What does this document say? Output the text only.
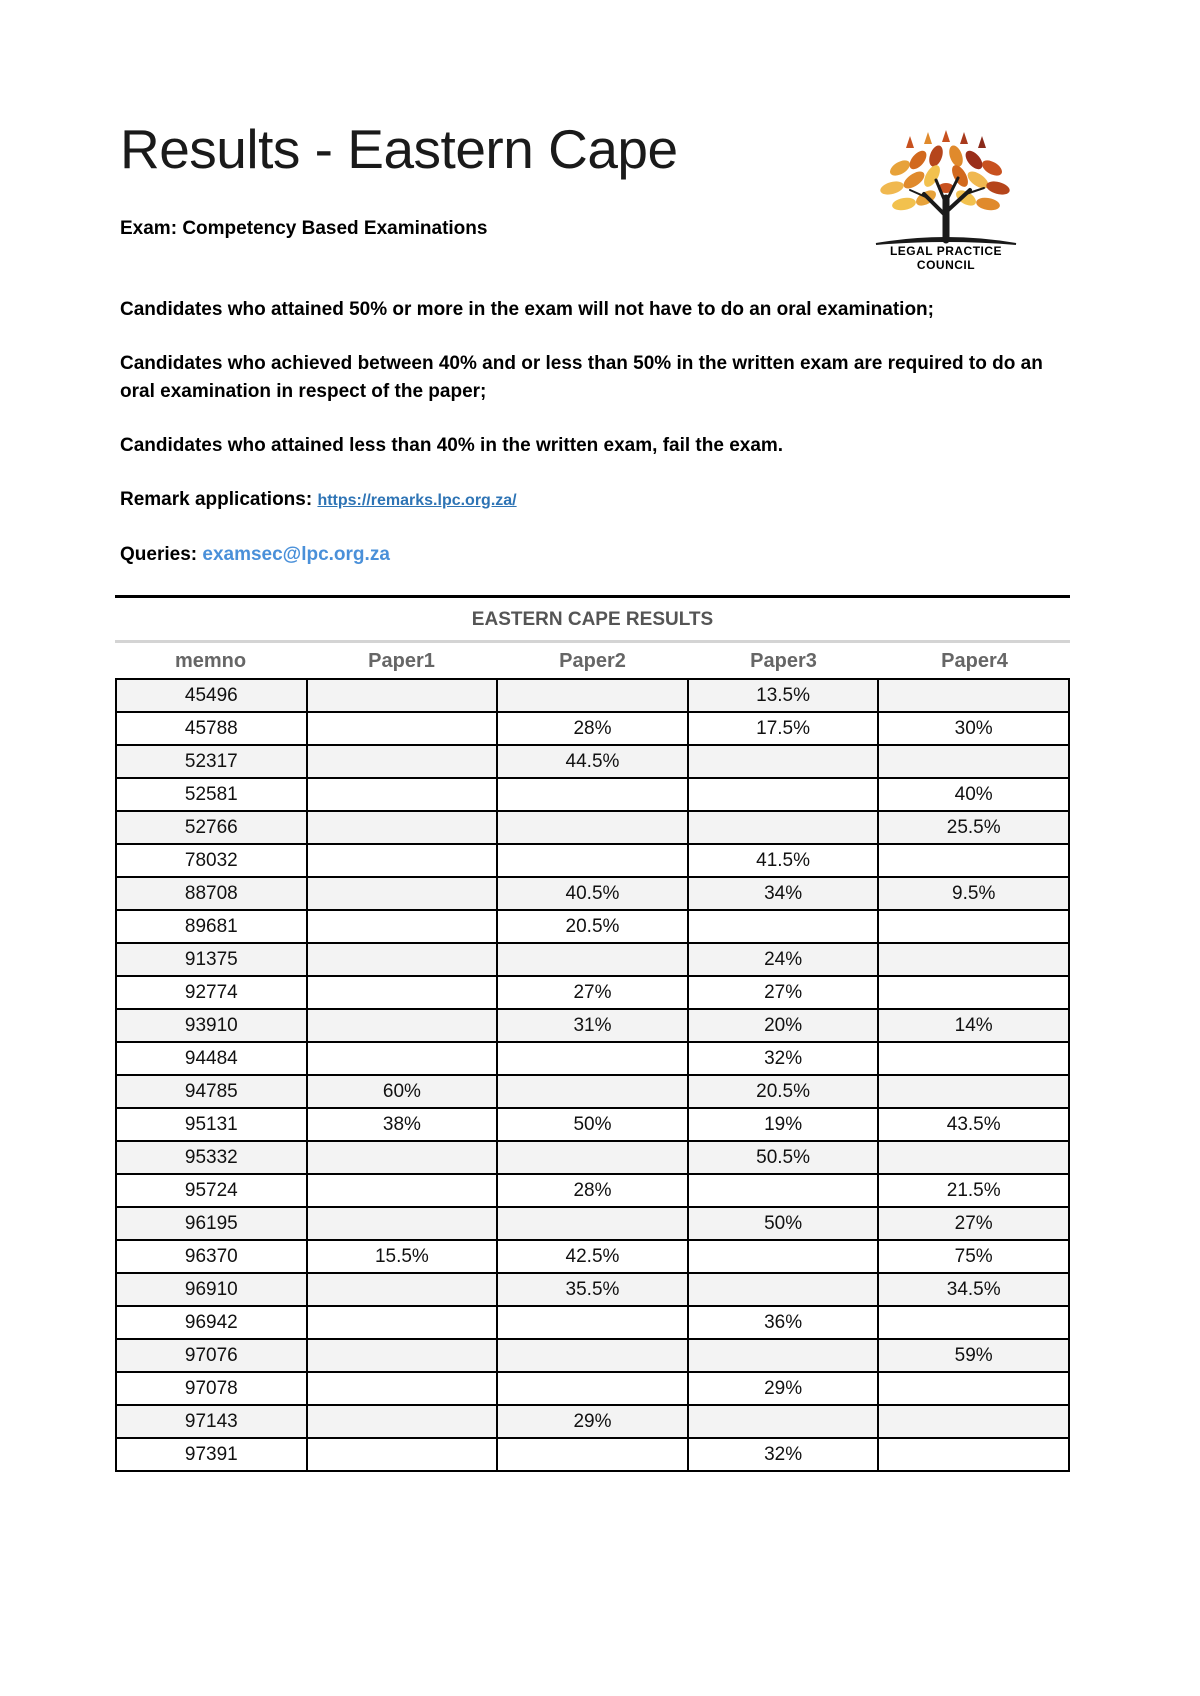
Results - Eastern Cape
Exam: Competency Based Examinations
LEGAL PRACTICE
COUNCIL

Candidates who attained 50% or more in the exam will not have to do an oral examination;

Candidates who achieved between 40% and or less than 50% in the written exam are required to do an oral examination in respect of the paper;

Candidates who attained less than 40% in the written exam, fail the exam.

Remark applications: https://remarks.lpc.org.za/

Queries: examsec@lpc.org.za

EASTERN CAPE RESULTS
memno	Paper1	Paper2	Paper3	Paper4
45496			13.5%	
45788		28%	17.5%	30%
52317		44.5%		
52581				40%
52766				25.5%
78032			41.5%	
88708		40.5%	34%	9.5%
89681		20.5%		
91375			24%	
92774		27%	27%	
93910		31%	20%	14%
94484			32%	
94785	60%		20.5%	
95131	38%	50%	19%	43.5%
95332			50.5%	
95724		28%		21.5%
96195			50%	27%
96370	15.5%	42.5%		75%
96910		35.5%		34.5%
96942			36%	
97076				59%
97078			29%	
97143		29%		
97391			32%	
